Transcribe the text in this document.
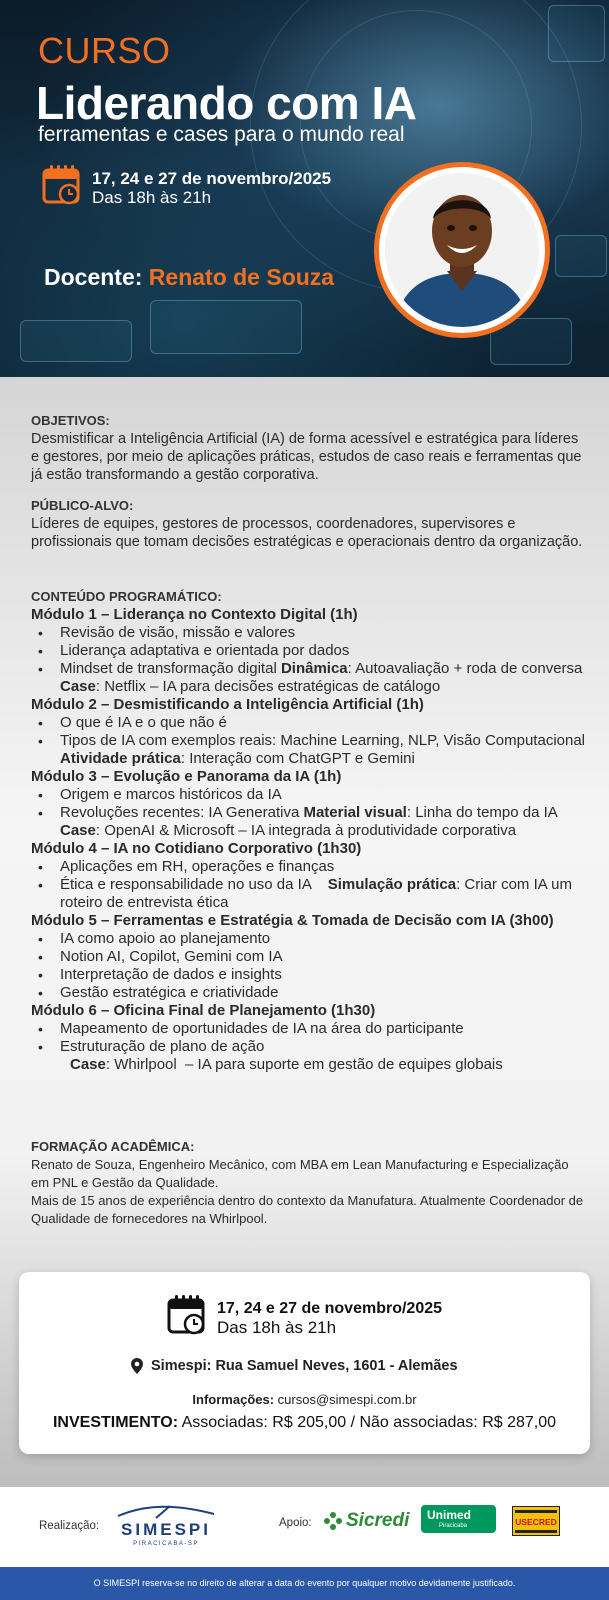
CURSO
Liderando com IA
ferramentas e cases para o mundo real
17, 24 e 27 de novembro/2025
Das 18h às 21h
Docente: Renato de Souza
OBJETIVOS:
Desmistificar a Inteligência Artificial (IA) de forma acessível e estratégica para líderes e gestores, por meio de aplicações práticas, estudos de caso reais e ferramentas que já estão transformando a gestão corporativa.
PÚBLICO-ALVO:
Líderes de equipes, gestores de processos, coordenadores, supervisores e profissionais que tomam decisões estratégicas e operacionais dentro da organização.
CONTEÚDO PROGRAMÁTICO:
Módulo 1 – Liderança no Contexto Digital (1h)
• Revisão de visão, missão e valores
• Liderança adaptativa e orientada por dados
• Mindset de transformação digital Dinâmica: Autoavaliação + roda de conversa Case: Netflix – IA para decisões estratégicas de catálogo
Módulo 2 – Desmistificando a Inteligência Artificial (1h)
• O que é IA e o que não é
• Tipos de IA com exemplos reais: Machine Learning, NLP, Visão Computacional Atividade prática: Interação com ChatGPT e Gemini
Módulo 3 – Evolução e Panorama da IA (1h)
• Origem e marcos históricos da IA
• Revoluções recentes: IA Generativa Material visual: Linha do tempo da IA Case: OpenAI & Microsoft – IA integrada à produtividade corporativa
Módulo 4 – IA no Cotidiano Corporativo (1h30)
• Aplicações em RH, operações e finanças
• Ética e responsabilidade no uso da IA    Simulação prática: Criar com IA um roteiro de entrevista ética
Módulo 5 – Ferramentas e Estratégia & Tomada de Decisão com IA (3h00)
• IA como apoio ao planejamento
• Notion AI, Copilot, Gemini com IA
• Interpretação de dados e insights
• Gestão estratégica e criatividade
Módulo 6 – Oficina Final de Planejamento (1h30)
• Mapeamento de oportunidades de IA na área do participante
• Estruturação de plano de ação
Case: Whirlpool  – IA para suporte em gestão de equipes globais
FORMAÇÃO ACADÊMICA:
Renato de Souza, Engenheiro Mecânico, com MBA em Lean Manufacturing e Especialização em PNL e Gestão da Qualidade.
Mais de 15 anos de experiência dentro do contexto da Manufatura. Atualmente Coordenador de Qualidade de fornecedores na Whirlpool.
17, 24 e 27 de novembro/2025
Das 18h às 21h
Simespi: Rua Samuel Neves, 1601 - Alemães
Informações: cursos@simespi.com.br
INVESTIMENTO: Associadas: R$ 205,00 / Não associadas: R$ 287,00
Realização: SIMESPI
PIRACICABA-SP
Apoio: Sicredi Unimed
Piracicaba	USECRED
O SIMESPI reserva-se no direito de alterar a data do evento por qualquer motivo devidamente justificado.
